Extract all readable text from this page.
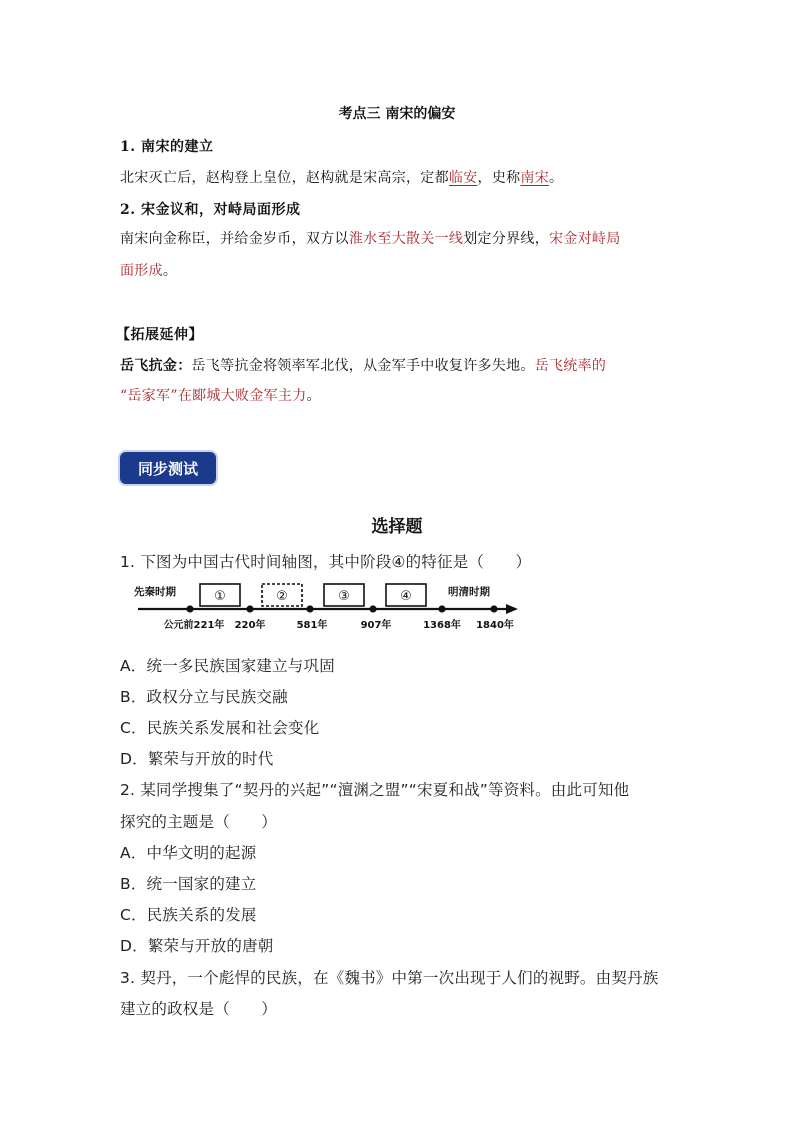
考点三 南宋的偏安
1. 南宋的建立
北宋灭亡后，赵构登上皇位，赵构就是宋高宗，定都临安，史称南宋。
2. 宋金议和，对峙局面形成
南宋向金称臣，并给金岁币，双方以淮水至大散关一线划定分界线，宋金对峙局
面形成。
【拓展延伸】
岳飞抗金：岳飞等抗金将领率军北伐，从金军手中收复许多失地。岳飞统率的
“岳家军”在郾城大败金军主力。
同步测试
选择题
1. 下图为中国古代时间轴图，其中阶段④的特征是（　　）
先秦时期	明清时期
①	②	③	④
公元前221年 220年	581年	907年	1368年 1840年
A．统一多民族国家建立与巩固
B．政权分立与民族交融
C．民族关系发展和社会变化
D．繁荣与开放的时代
2. 某同学搜集了“契丹的兴起”“澶渊之盟”“宋夏和战”等资料。由此可知他
探究的主题是（　　）
A．中华文明的起源
B．统一国家的建立
C．民族关系的发展
D．繁荣与开放的唐朝
3. 契丹，一个彪悍的民族，在《魏书》中第一次出现于人们的视野。由契丹族
建立的政权是（　　）
